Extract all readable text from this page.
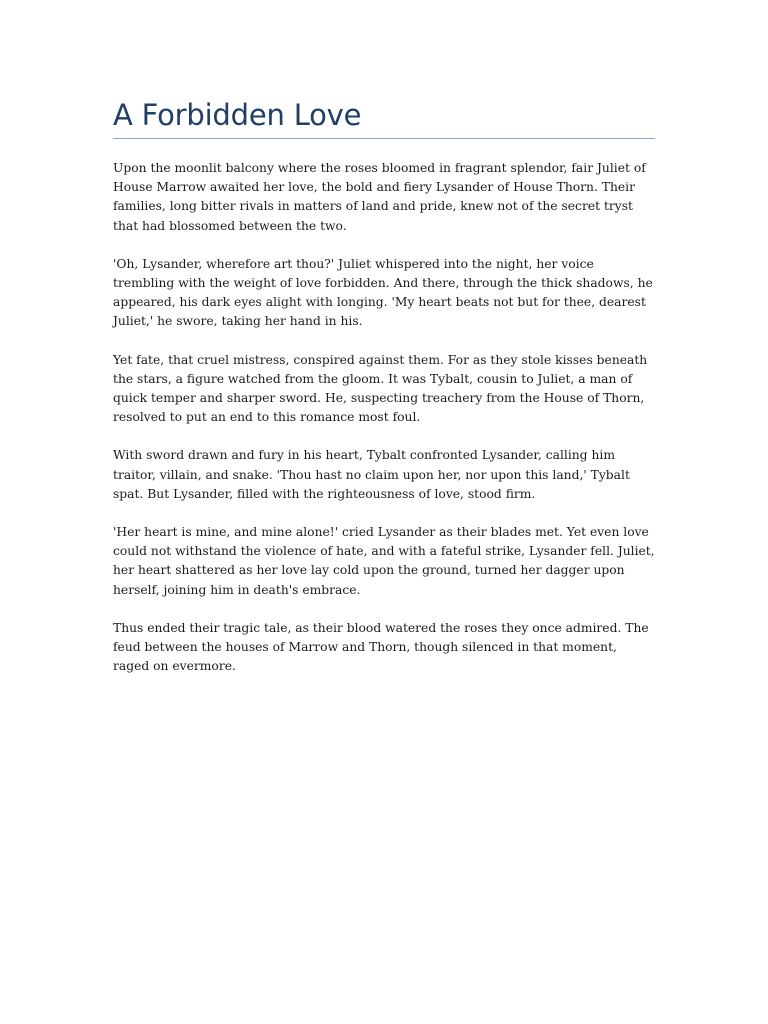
A Forbidden Love

Upon the moonlit balcony where the roses bloomed in fragrant splendor, fair Juliet of House Marrow awaited her love, the bold and fiery Lysander of House Thorn. Their families, long bitter rivals in matters of land and pride, knew not of the secret tryst that had blossomed between the two.

'Oh, Lysander, wherefore art thou?' Juliet whispered into the night, her voice trembling with the weight of love forbidden. And there, through the thick shadows, he appeared, his dark eyes alight with longing. 'My heart beats not but for thee, dearest Juliet,' he swore, taking her hand in his.

Yet fate, that cruel mistress, conspired against them. For as they stole kisses beneath the stars, a figure watched from the gloom. It was Tybalt, cousin to Juliet, a man of quick temper and sharper sword. He, suspecting treachery from the House of Thorn, resolved to put an end to this romance most foul.

With sword drawn and fury in his heart, Tybalt confronted Lysander, calling him traitor, villain, and snake. 'Thou hast no claim upon her, nor upon this land,' Tybalt spat. But Lysander, filled with the righteousness of love, stood firm.

'Her heart is mine, and mine alone!' cried Lysander as their blades met. Yet even love could not withstand the violence of hate, and with a fateful strike, Lysander fell. Juliet, her heart shattered as her love lay cold upon the ground, turned her dagger upon herself, joining him in death's embrace.

Thus ended their tragic tale, as their blood watered the roses they once admired. The feud between the houses of Marrow and Thorn, though silenced in that moment, raged on evermore.
